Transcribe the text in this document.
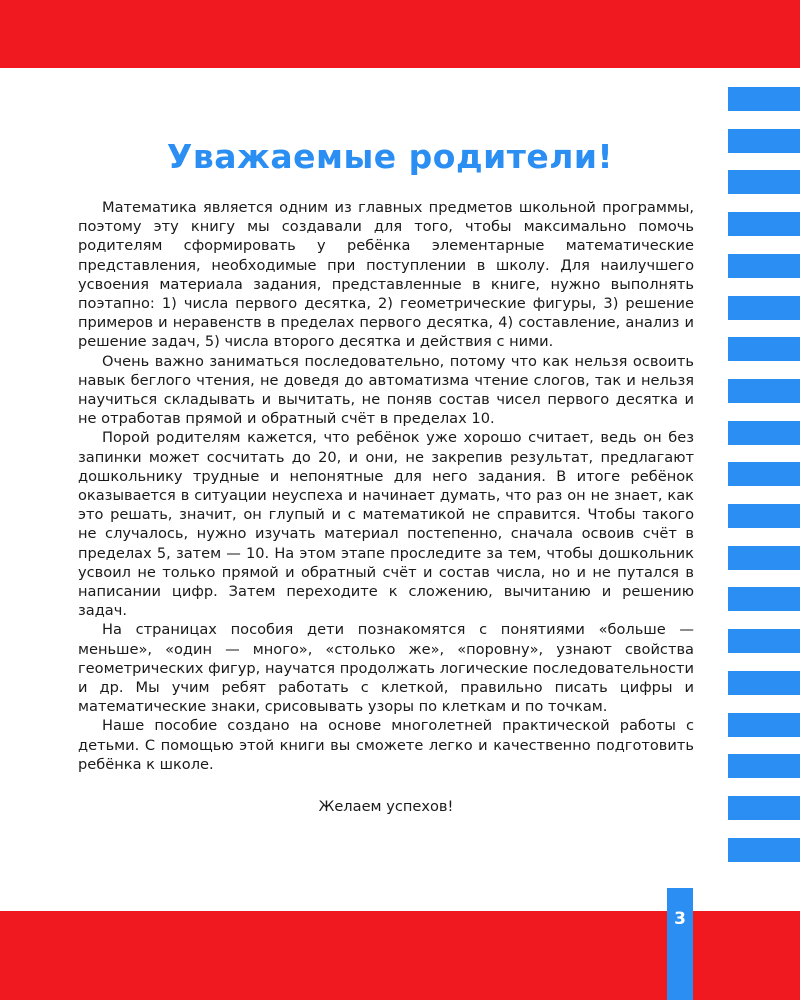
Уважаемые родители!

Математика является одним из главных предметов школьной программы, поэтому эту книгу мы создавали для того, чтобы максимально помочь родителям сформировать у ребёнка элементарные математические представления, необходимые при поступлении в школу. Для наилучшего усвоения материала задания, представленные в книге, нужно выполнять поэтапно: 1) числа первого десятка, 2) геометрические фигуры, 3) решение примеров и неравенств в пределах первого десятка, 4) составление, анализ и решение задач, 5) числа второго десятка и действия с ними.

Очень важно заниматься последовательно, потому что как нельзя освоить навык беглого чтения, не доведя до автоматизма чтение слогов, так и нельзя научиться складывать и вычитать, не поняв состав чисел первого десятка и не отработав прямой и обратный счёт в пределах 10.

Порой родителям кажется, что ребёнок уже хорошо считает, ведь он без запинки может сосчитать до 20, и они, не закрепив результат, предлагают дошкольнику трудные и непонятные для него задания. В итоге ребёнок оказывается в ситуации неуспеха и начинает думать, что раз он не знает, как это решать, значит, он глупый и с математикой не справится. Чтобы такого не случалось, нужно изучать материал постепенно, сначала освоив счёт в пределах 5, затем — 10. На этом этапе проследите за тем, чтобы дошкольник усвоил не только прямой и обратный счёт и состав числа, но и не путался в написании цифр. Затем переходите к сложению, вычитанию и решению задач.

На страницах пособия дети познакомятся с понятиями «больше — меньше», «один — много», «столько же», «поровну», узнают свойства геометрических фигур, научатся продолжать логические последовательности и др. Мы учим ребят работать с клеткой, правильно писать цифры и математические знаки, срисовывать узоры по клеткам и по точкам.

Наше пособие создано на основе многолетней практической работы с детьми. С помощью этой книги вы сможете легко и качественно подготовить ребёнка к школе.

Желаем успехов!
3
